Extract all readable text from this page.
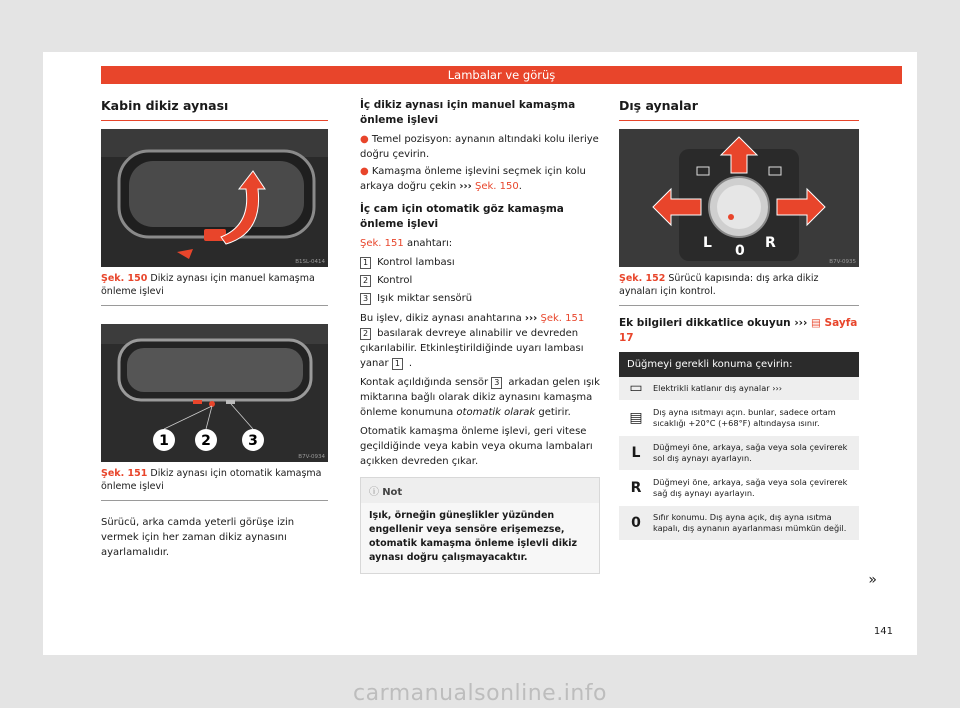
Lambalar ve görüş
Kabin dikiz aynası
B1SL-0414
Şek. 150 Dikiz aynası için manuel kamaşma önleme işlevi
1 2	3
B7V-0934
Şek. 151 Dikiz aynası için otomatik kamaşma önleme işlevi

Sürücü, arka camda yeterli görüşe izin vermek için her zaman dikiz aynasını ayarlamalıdır.

İç dikiz aynası için manuel kamaşma önleme işlevi

● Temel pozisyon: aynanın altındaki kolu ileriye doğru çevirin.

● Kamaşma önleme işlevini seçmek için kolu arkaya doğru çekin ››› Şek. 150.

İç cam için otomatik göz kamaşma önleme işlevi

Şek. 151 anahtarı:

1 Kontrol lambası

2 Kontrol

3 Işık miktar sensörü

Bu işlev, dikiz aynası anahtarına ››› Şek. 151 2 basılarak devreye alınabilir ve devreden çıkarılabilir. Etkinleştirildiğinde uyarı lambası yanar 1 .

Kontak açıldığında sensör 3 arkadan gelen ışık miktarına bağlı olarak dikiz aynasını kamaşma önleme konumuna otomatik olarak getirir.

Otomatik kamaşma önleme işlevi, geri vitese geçildiğinde veya kabin veya okuma lambaları açıkken devreden çıkar.

ⓘ Not
Işık, örneğin güneşlikler yüzünden engellenir veya sensöre erişemezse, otomatik kamaşma önleme işlevli dikiz aynası doğru çalışmayacaktır.
Dış aynalar
L 0 R
B7V-0935
Şek. 152 Sürücü kapısında: dış arka dikiz aynaları için kontrol.

Ek bilgileri dikkatlice okuyun ››› ▤ Sayfa 17

Düğmeyi gerekli konuma çevirin:
▭	Elektrikli katlanır dış aynalar ›››
▤	Dış ayna ısıtmayı açın. bunlar, sadece ortam sıcaklığı +20°C (+68°F) altındaysa ısınır.
L	Düğmeyi öne, arkaya, sağa veya sola çevirerek sol dış aynayı ayarlayın.
R	Düğmeyi öne, arkaya, sağa veya sola çevirerek sağ dış aynayı ayarlayın.
0	Sıfır konumu. Dış ayna açık, dış ayna ısıtma kapalı, dış aynanın ayarlanması mümkün değil.
»
141
carmanualsonline.info
